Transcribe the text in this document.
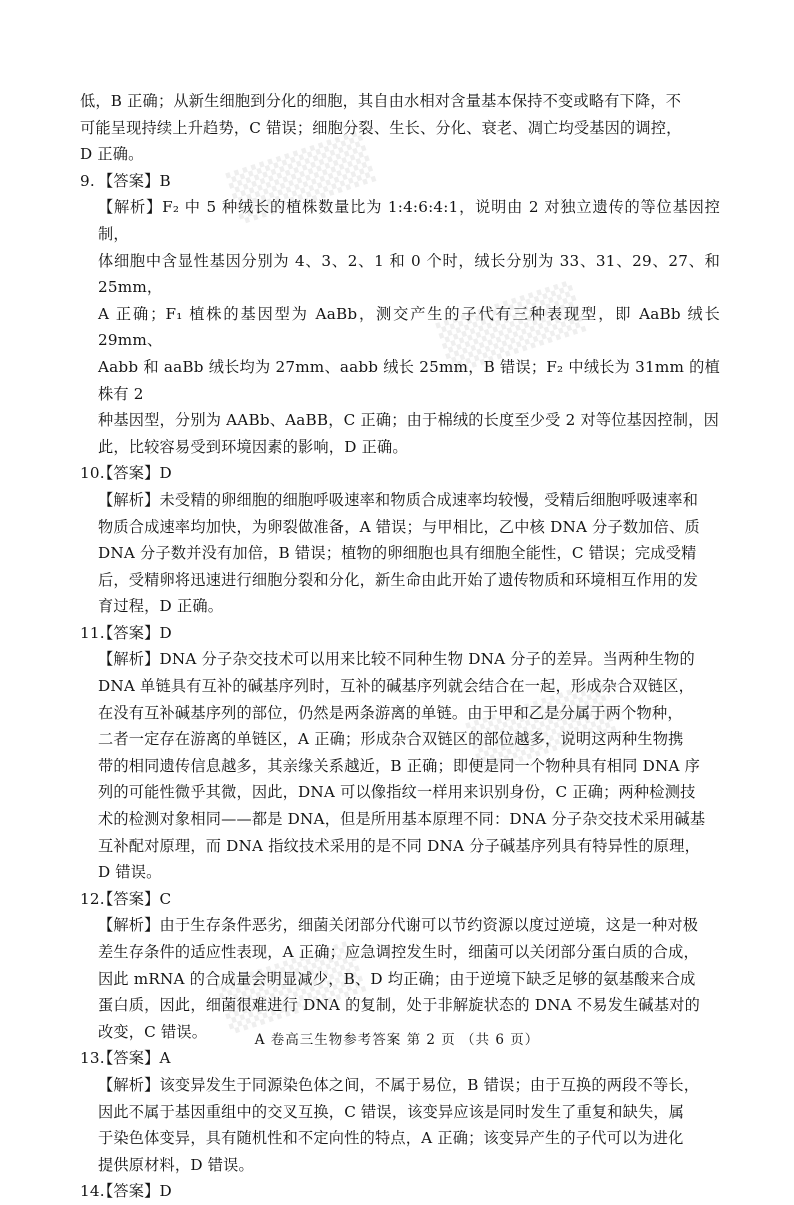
▒▒▒▒
▒▒▒▒
▒▒▒▒
▒▒▒▒

低，B 正确；从新生细胞到分化的细胞，其自由水相对含量基本保持不变或略有下降，不

可能呈现持续上升趋势，C 错误；细胞分裂、生长、分化、衰老、凋亡均受基因的调控，

D 正确。

9. 【答案】B

【解析】F₂ 中 5 种绒长的植株数量比为 1:4:6:4:1，说明由 2 对独立遗传的等位基因控制，

体细胞中含显性基因分别为 4、3、2、1 和 0 个时，绒长分别为 33、31、29、27、和 25mm，

A 正确；F₁ 植株的基因型为 AaBb，测交产生的子代有三种表现型，即 AaBb 绒长 29mm、

Aabb 和 aaBb 绒长均为 27mm、aabb 绒长 25mm，B 错误；F₂ 中绒长为 31mm 的植株有 2

种基因型，分别为 AABb、AaBB，C 正确；由于棉绒的长度至少受 2 对等位基因控制，因

此，比较容易受到环境因素的影响，D 正确。

10.【答案】D

【解析】未受精的卵细胞的细胞呼吸速率和物质合成速率均较慢，受精后细胞呼吸速率和

物质合成速率均加快，为卵裂做准备，A 错误；与甲相比，乙中核 DNA 分子数加倍、质

DNA 分子数并没有加倍，B 错误；植物的卵细胞也具有细胞全能性，C 错误；完成受精

后，受精卵将迅速进行细胞分裂和分化，新生命由此开始了遗传物质和环境相互作用的发

育过程，D 正确。

11.【答案】D

【解析】DNA 分子杂交技术可以用来比较不同种生物 DNA 分子的差异。当两种生物的

DNA 单链具有互补的碱基序列时，互补的碱基序列就会结合在一起，形成杂合双链区，

在没有互补碱基序列的部位，仍然是两条游离的单链。由于甲和乙是分属于两个物种，

二者一定存在游离的单链区，A 正确；形成杂合双链区的部位越多，说明这两种生物携

带的相同遗传信息越多，其亲缘关系越近，B 正确；即便是同一个物种具有相同 DNA 序

列的可能性微乎其微，因此，DNA 可以像指纹一样用来识别身份，C 正确；两种检测技

术的检测对象相同——都是 DNA，但是所用基本原理不同：DNA 分子杂交技术采用碱基

互补配对原理，而 DNA 指纹技术采用的是不同 DNA 分子碱基序列具有特异性的原理，

D 错误。

12.【答案】C

【解析】由于生存条件恶劣，细菌关闭部分代谢可以节约资源以度过逆境，这是一种对极

差生存条件的适应性表现，A 正确；应急调控发生时，细菌可以关闭部分蛋白质的合成，

因此 mRNA 的合成量会明显减少，B、D 均正确；由于逆境下缺乏足够的氨基酸来合成

蛋白质，因此，细菌很难进行 DNA 的复制，处于非解旋状态的 DNA 不易发生碱基对的

改变，C 错误。

13.【答案】A

【解析】该变异发生于同源染色体之间，不属于易位，B 错误；由于互换的两段不等长，

因此不属于基因重组中的交叉互换，C 错误，该变异应该是同时发生了重复和缺失，属

于染色体变异，具有随机性和不定向性的特点，A 正确；该变异产生的子代可以为进化

提供原材料，D 错误。

14.【答案】D

A 卷高三生物参考答案 第 2 页 （共 6 页）
